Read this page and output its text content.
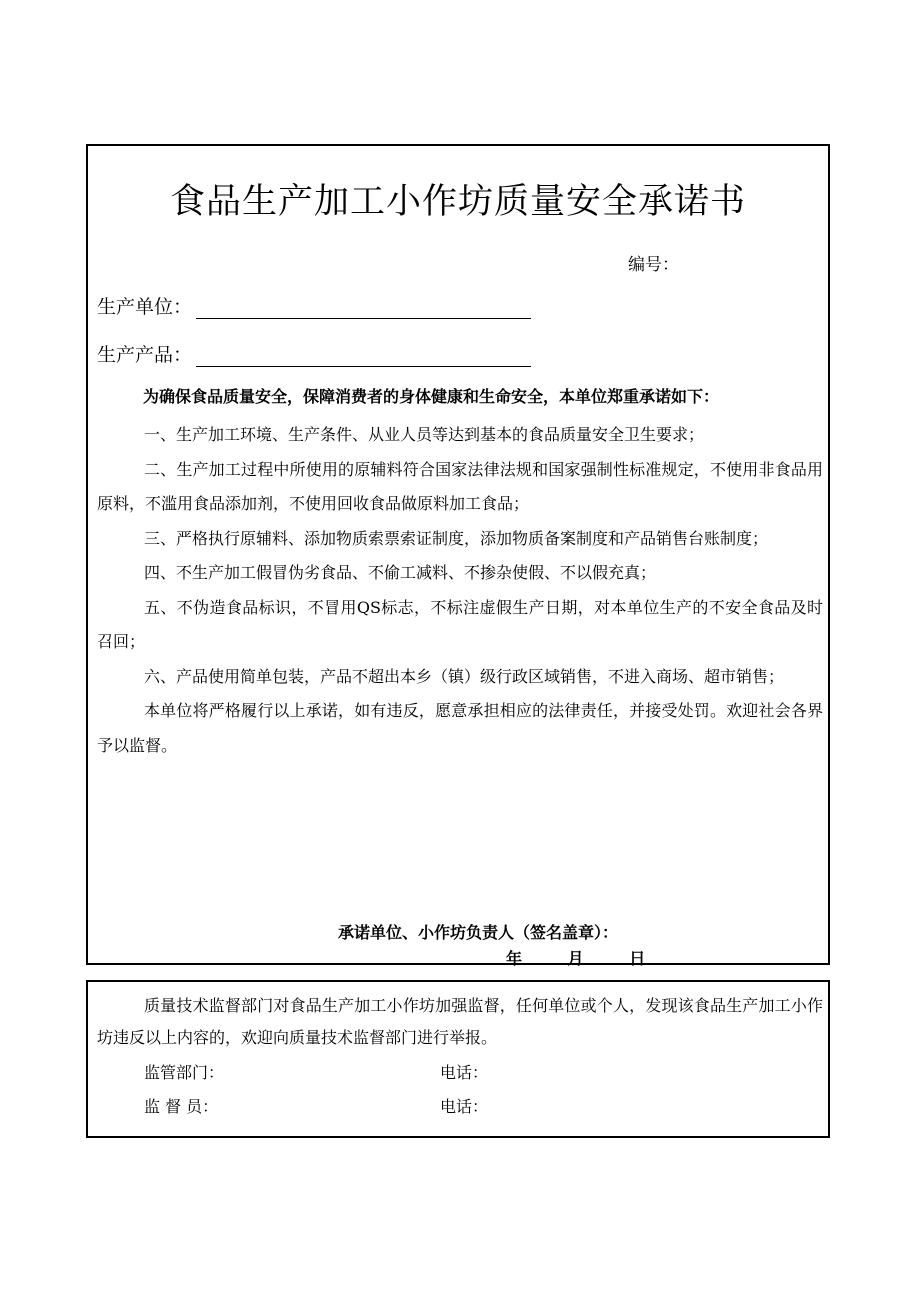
食品生产加工小作坊质量安全承诺书
编号：
生产单位：
生产产品：
为确保食品质量安全，保障消费者的身体健康和生命安全，本单位郑重承诺如下：

一、生产加工环境、生产条件、从业人员等达到基本的食品质量安全卫生要求；

二、生产加工过程中所使用的原辅料符合国家法律法规和国家强制性标准规定，不使用非食品用原料，不滥用食品添加剂，不使用回收食品做原料加工食品；

三、严格执行原辅料、添加物质索票索证制度，添加物质备案制度和产品销售台账制度；

四、不生产加工假冒伪劣食品、不偷工减料、不掺杂使假、不以假充真；

五、不伪造食品标识，不冒用QS标志，不标注虚假生产日期，对本单位生产的不安全食品及时召回；

六、产品使用简单包装，产品不超出本乡（镇）级行政区域销售，不进入商场、超市销售；

本单位将严格履行以上承诺，如有违反，愿意承担相应的法律责任，并接受处罚。欢迎社会各界予以监督。

承诺单位、小作坊负责人（签名盖章）：
年	月	日

质量技术监督部门对食品生产加工小作坊加强监督，任何单位或个人，发现该食品生产加工小作坊违反以上内容的，欢迎向质量技术监督部门进行举报。

监管部门：	电话：
监 督 员：	电话：
